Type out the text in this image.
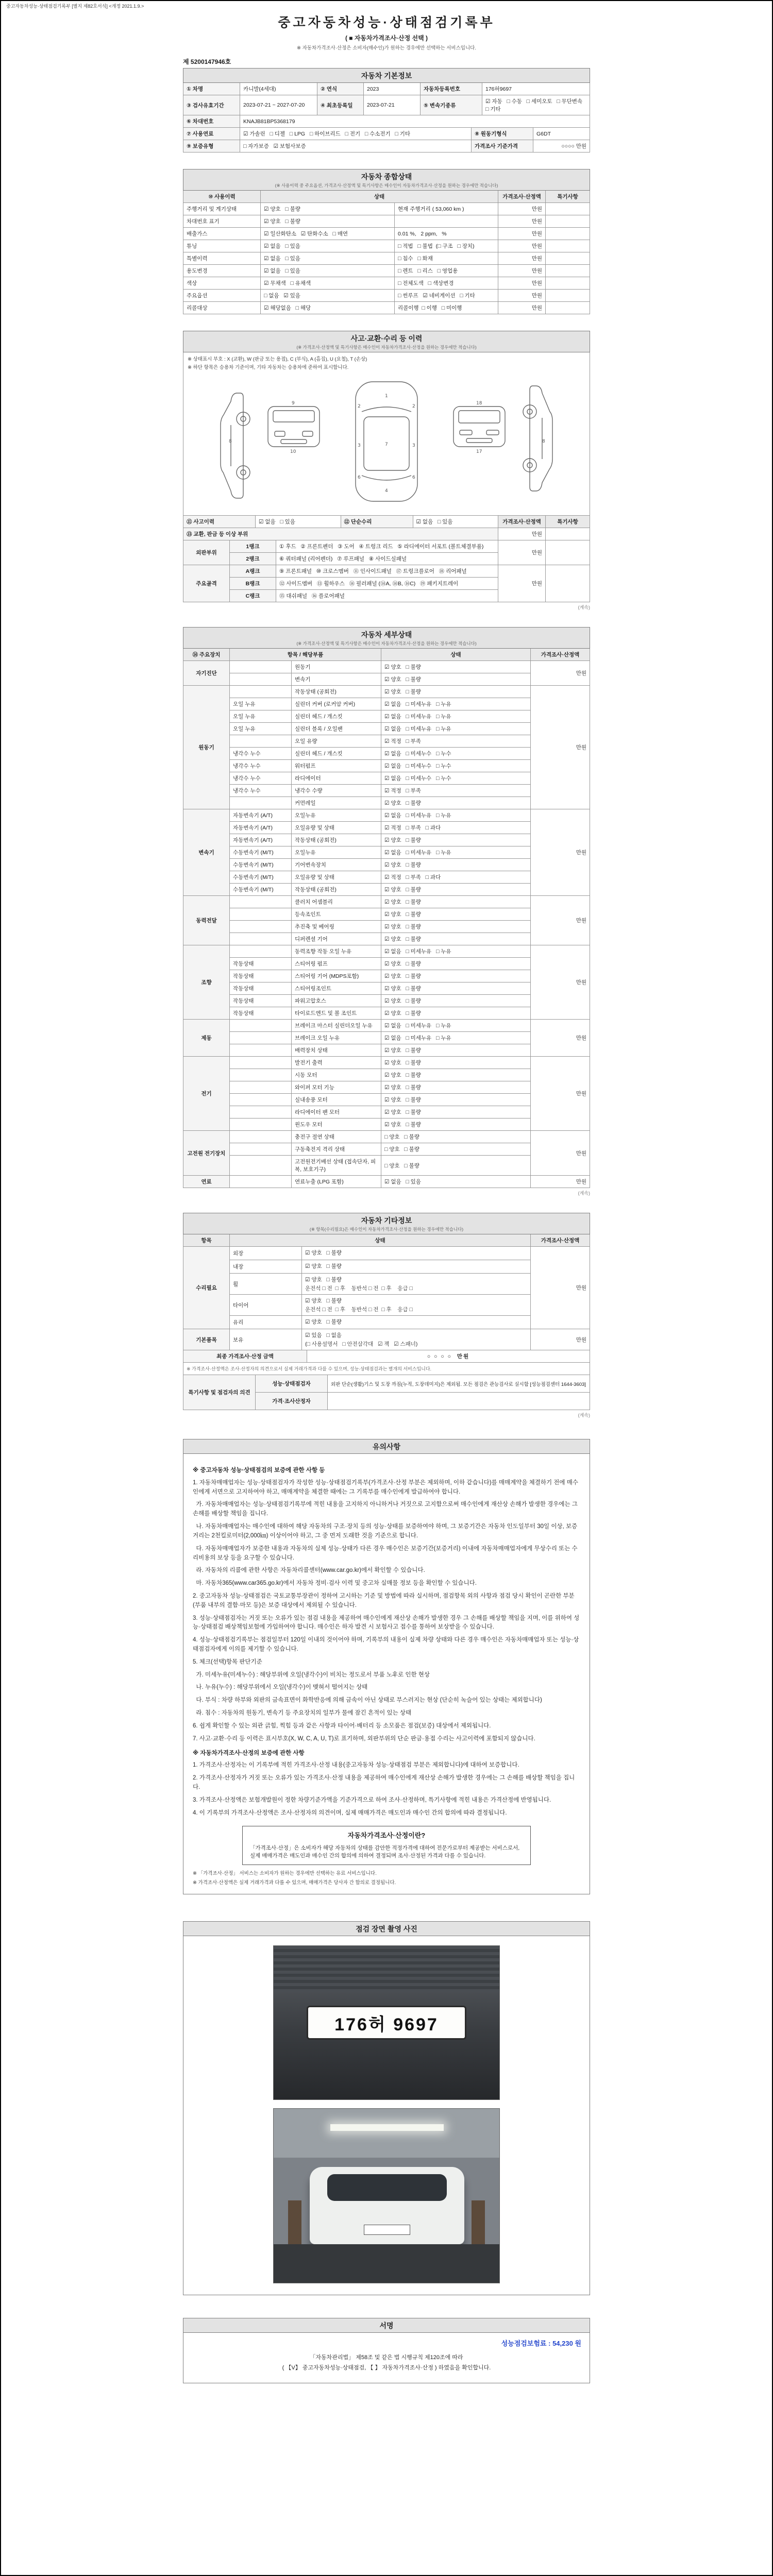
중고자동차성능·상태점검기록부 [별지 제82호서식] <개정 2021.1.9.>
중고자동차성능·상태점검기록부
( ■ 자동차가격조사·산정 선택 )
※ 자동차가격조사·산정은 소비자(매수인)가 원하는 경우에만 선택하는 서비스입니다.
제 5200147946호
자동차 기본정보
① 차명	카니발(4세대)	② 연식	2023	자동차등록번호	176허9697
③ 검사유효기간	2023-07-21 ~ 2027-07-20	④ 최초등록일	2023-07-21	⑤ 변속기종류
☑ 자동   □ 수동   □ 세미오토   □ 무단변속   □ 기타
⑥ 차대번호	KNAJB81BP5368179
⑦ 사용연료	☑ 가솔린   □ 디젤   □ LPG   □ 하이브리드   □ 전기   □ 수소전기   □ 기타	⑧ 원동기형식	G6DT
⑨ 보증유형	□ 자가보증   ☑ 보험사보증	가격조사 기준가격	○○○○ 만원
자동차 종합상태
(※ 사용이력 중 주요옵션, 가격조사·산정액 및 특기사항은 매수인이 자동차가격조사·산정을 원하는 경우에만 적습니다)
⑩ 사용이력	상태	가격조사·산정액	특기사항
주행거리 및 계기상태	☑ 양호   □ 불량	현재 주행거리 ( 53,060 km )	만원
차대번호 표기	☑ 양호   □ 불량	만원
배출가스	☑ 일산화탄소   ☑ 탄화수소   □ 매연	0.01 %,   2 ppm,   %	만원
튜닝	☑ 없음   □ 있음	□ 적법   □ 불법  (□ 구조   □ 장치)	만원
특별이력	☑ 없음   □ 있음	□ 침수   □ 화재	만원
용도변경	☑ 없음   □ 있음	□ 렌트   □ 리스   □ 영업용	만원
색상	☑ 무채색   □ 유채색	□ 전체도색   □ 색상변경	만원
주요옵션	□ 없음   ☑ 있음	□ 썬루프   ☑ 네비게이션   □ 기타	만원
리콜대상	☑ 해당없음   □ 해당	리콜이행  □ 이행   □ 미이행	만원
사고·교환·수리 등 이력
(※ 가격조사·산정액 및 특기사항은 매수인이 자동차가격조사·산정을 원하는 경우에만 적습니다)
※ 상태표시 부호 : X (교환), W (판금 또는 용접), C (부식), A (흠집), U (요철), T (손상)
※ 하단 항목은 승용차 기준이며, 기타 자동차는 승용차에 준하여 표시합니다.
1
7
4
2	2
3	3
6	6
9
10
18
17
8	8
⑪ 사고이력	☑ 없음   □ 있음	⑫ 단순수리	☑ 없음   □ 있음	가격조사·산정액	특기사항
⑬ 교환, 판금 등 이상 부위	만원
외판부위
1랭크	① 후드   ② 프론트펜더   ③ 도어   ④ 트렁크 리드   ⑤ 라디에이터 서포트 (볼트체결부품)
2랭크	⑥ 쿼터패널 (리어펜더)   ⑦ 루프패널   ⑧ 사이드실패널
만원
주요골격
A랭크	⑨ 프론트패널   ⑩ 크로스멤버   ⑪ 인사이드패널   ⑰ 트렁크플로어   ⑱ 리어패널
B랭크	⑫ 사이드멤버   ⑬ 휠하우스   ⑭ 필러패널 (⑭A, ⑭B, ⑭C)   ⑲ 패키지트레이
C랭크	⑮ 대쉬패널   ⑯ 플로어패널
만원
(계속)
자동차 세부상태
(※ 가격조사·산정액 및 특기사항은 매수인이 자동차가격조사·산정을 원하는 경우에만 적습니다)
⑭ 주요장치	항목 / 해당부품	상태	가격조사·산정액
자기진단
원동기	☑ 양호   □ 불량
변속기	☑ 양호   □ 불량
만원
원동기
작동상태 (공회전)	☑ 양호   □ 불량
오일 누유	실린더 커버 (로커암 커버)	☑ 없음   □ 미세누유   □ 누유
오일 누유	실린더 헤드 / 개스킷	☑ 없음   □ 미세누유   □ 누유
오일 누유	실린더 블록 / 오일팬	☑ 없음   □ 미세누유   □ 누유
오일 유량	☑ 적정   □ 부족
냉각수 누수	실린더 헤드 / 개스킷	☑ 없음   □ 미세누수   □ 누수
냉각수 누수	워터펌프	☑ 없음   □ 미세누수   □ 누수
냉각수 누수	라디에이터	☑ 없음   □ 미세누수   □ 누수
냉각수 누수	냉각수 수량	☑ 적정   □ 부족
커먼레일	☑ 양호   □ 불량
만원
변속기
자동변속기 (A/T)	오일누유	☑ 없음   □ 미세누유   □ 누유
자동변속기 (A/T)	오일유량 및 상태	☑ 적정   □ 부족   □ 과다
자동변속기 (A/T)	작동상태 (공회전)	☑ 양호   □ 불량
수동변속기 (M/T)	오일누유	☑ 없음   □ 미세누유   □ 누유
수동변속기 (M/T)	기어변속장치	☑ 양호   □ 불량
수동변속기 (M/T)	오일유량 및 상태	☑ 적정   □ 부족   □ 과다
수동변속기 (M/T)	작동상태 (공회전)	☑ 양호   □ 불량
만원
동력전달
클러치 어셈블리	☑ 양호   □ 불량
등속조인트	☑ 양호   □ 불량
추진축 및 베어링	☑ 양호   □ 불량
디퍼렌셜 기어	☑ 양호   □ 불량
만원
조향
동력조향 작동 오일 누유	☑ 없음   □ 미세누유   □ 누유
작동상태	스티어링 펌프	☑ 양호   □ 불량
작동상태	스티어링 기어 (MDPS포함)	☑ 양호   □ 불량
작동상태	스티어링조인트	☑ 양호   □ 불량
작동상태	파워고압호스	☑ 양호   □ 불량
작동상태	타이로드엔드 및 볼 조인트	☑ 양호   □ 불량
만원
제동
브레이크 마스터 실린더오일 누유	☑ 없음   □ 미세누유   □ 누유
브레이크 오일 누유	☑ 없음   □ 미세누유   □ 누유
배력장치 상태	☑ 양호   □ 불량
만원
전기
발전기 출력	☑ 양호   □ 불량
시동 모터	☑ 양호   □ 불량
와이퍼 모터 기능	☑ 양호   □ 불량
실내송풍 모터	☑ 양호   □ 불량
라디에이터 팬 모터	☑ 양호   □ 불량
윈도우 모터	☑ 양호   □ 불량
만원
고전원 전기장치
충전구 절연 상태	□ 양호   □ 불량
구동축전지 격리 상태	□ 양호   □ 불량
고전원전기배선 상태 (접속단자, 피복, 보호기구)
□ 양호   □ 불량
만원
연료	연료누출 (LPG 포함)	☑ 없음   □ 있음	만원
(계속)
자동차 기타정보
(※ 항목(수리필요)은 매수인이 자동차가격조사·산정을 원하는 경우에만 적습니다)
항목	상태	가격조사·산정액
수리필요
외장	☑ 양호   □ 불량
내장	☑ 양호   □ 불량
휠
☑ 양호   □ 불량
운전석 □ 전  □ 후    동반석 □ 전  □ 후    응급 □
타이어
☑ 양호   □ 불량
운전석 □ 전  □ 후    동반석 □ 전  □ 후    응급 □
유리	☑ 양호   □ 불량
만원
기본품목	보유
☑ 있음   □ 없음
(□ 사용설명서   □ 안전삼각대   ☑ 잭   ☑ 스패너)
만원
최종 가격조사·산정 금액	○ ○ ○ ○  만원
※ 가격조사·산정액은 조사·산정자의 의견으로서 실제 거래가격과 다를 수 있으며, 성능·상태점검과는 별개의 서비스입니다.
특기사항 및 점검자의 의견
성능·상태점검자	외판 단순(생활)기스 및 도장 까짐(누적, 도장데미지)은 제외됨. 모든 점검은 관능검사로 실시함 [성능점검센터 1644-3603]
가격·조사산정자
(계속)
유의사항
※ 중고자동차 성능·상태점검의 보증에 관한 사항 등
1. 자동차매매업자는 성능·상태점검자가 작성한 성능·상태점검기록부(가격조사·산정 부분은 제외하며, 이하 같습니다)를 매매계약을 체결하기 전에 매수인에게 서면으로 고지하여야 하고, 매매계약을 체결한 때에는 그 기록부를 매수인에게 발급하여야 합니다.
가. 자동차매매업자는 성능·상태점검기록부에 적힌 내용을 고지하지 아니하거나 거짓으로 고지함으로써 매수인에게 재산상 손해가 발생한 경우에는 그 손해를 배상할 책임을 집니다.
나. 자동차매매업자는 매수인에 대하여 해당 자동차의 구조·장치 등의 성능·상태를 보증하여야 하며, 그 보증기간은 자동차 인도일부터 30일 이상, 보증거리는 2천킬로미터(2,000㎞) 이상이어야 하고, 그 중 먼저 도래한 것을 기준으로 합니다.
다. 자동차매매업자가 보증한 내용과 자동차의 실제 성능·상태가 다른 경우 매수인은 보증기간(보증거리) 이내에 자동차매매업자에게 무상수리 또는 수리비용의 보상 등을 요구할 수 있습니다.
라. 자동차의 리콜에 관한 사항은 자동차리콜센터(www.car.go.kr)에서 확인할 수 있습니다.
마. 자동차365(www.car365.go.kr)에서 자동차 정비·검사 이력 및 중고차 실매물 정보 등을 확인할 수 있습니다.
2. 중고자동차 성능·상태점검은 국토교통부장관이 정하여 고시하는 기준 및 방법에 따라 실시하며, 점검항목 외의 사항과 점검 당시 확인이 곤란한 부분(부품 내부의 결함·마모 등)은 보증 대상에서 제외될 수 있습니다.
3. 성능·상태점검자는 거짓 또는 오류가 있는 점검 내용을 제공하여 매수인에게 재산상 손해가 발생한 경우 그 손해를 배상할 책임을 지며, 이를 위하여 성능·상태점검 배상책임보험에 가입하여야 합니다. 매수인은 하자 발견 시 보험사고 접수를 통하여 보상받을 수 있습니다.
4. 성능·상태점검기록부는 점검일부터 120일 이내의 것이어야 하며, 기록부의 내용이 실제 차량 상태와 다른 경우 매수인은 자동차매매업자 또는 성능·상태점검자에게 이의를 제기할 수 있습니다.
5. 체크(선택)항목 판단기준
가. 미세누유(미세누수) : 해당부위에 오일(냉각수)이 비치는 정도로서 부품 노후로 인한 현상
나. 누유(누수) : 해당부위에서 오일(냉각수)이 맺혀서 떨어지는 상태
다. 부식 : 차량 하부와 외판의 금속표면이 화학반응에 의해 금속이 아닌 상태로 부스러지는 현상 (단순히 녹슬어 있는 상태는 제외합니다)
라. 침수 : 자동차의 원동기, 변속기 등 주요장치의 일부가 물에 잠긴 흔적이 있는 상태
6. 쉽게 확인할 수 있는 외관 긁힘, 찍힘 등과 같은 사항과 타이어·배터리 등 소모품은 점검(보증) 대상에서 제외됩니다.
7. 사고·교환·수리 등 이력은 표시부호(X, W, C, A, U, T)로 표기하며, 외판부위의 단순 판금·용접 수리는 사고이력에 포함되지 않습니다.
※ 자동차가격조사·산정의 보증에 관한 사항
1. 가격조사·산정자는 이 기록부에 적힌 가격조사·산정 내용(중고자동차 성능·상태점검 부분은 제외합니다)에 대하여 보증합니다.
2. 가격조사·산정자가 거짓 또는 오류가 있는 가격조사·산정 내용을 제공하여 매수인에게 재산상 손해가 발생한 경우에는 그 손해를 배상할 책임을 집니다.
3. 가격조사·산정액은 보험개발원이 정한 차량기준가액을 기준가격으로 하여 조사·산정하며, 특기사항에 적힌 내용은 가격산정에 반영됩니다.
4. 이 기록부의 가격조사·산정액은 조사·산정자의 의견이며, 실제 매매가격은 매도인과 매수인 간의 합의에 따라 결정됩니다.
자동차가격조사·산정이란?
「가격조사·산정」은 소비자가 해당 자동차의 상태를 감안한 적정가격에 대하여 전문가로부터 제공받는 서비스로서, 실제 매매가격은 매도인과 매수인 간의 합의에 의하여 결정되며 조사·산정된 가격과 다를 수 있습니다.
※ 「가격조사·산정」 서비스는 소비자가 원하는 경우에만 선택하는 유료 서비스입니다.
※ 가격조사·산정액은 실제 거래가격과 다를 수 있으며, 매매가격은 당사자 간 합의로 결정됩니다.
점검 장면 촬영 사진
176허 9697
서명
성능점검보험료 : 54,230 원
「자동차관리법」 제58조 및 같은 법 시행규칙 제120조에 따라
( 【V】 중고자동차성능·상태점검, 【 】 자동차가격조사·산정 ) 하였음을 확인합니다.
